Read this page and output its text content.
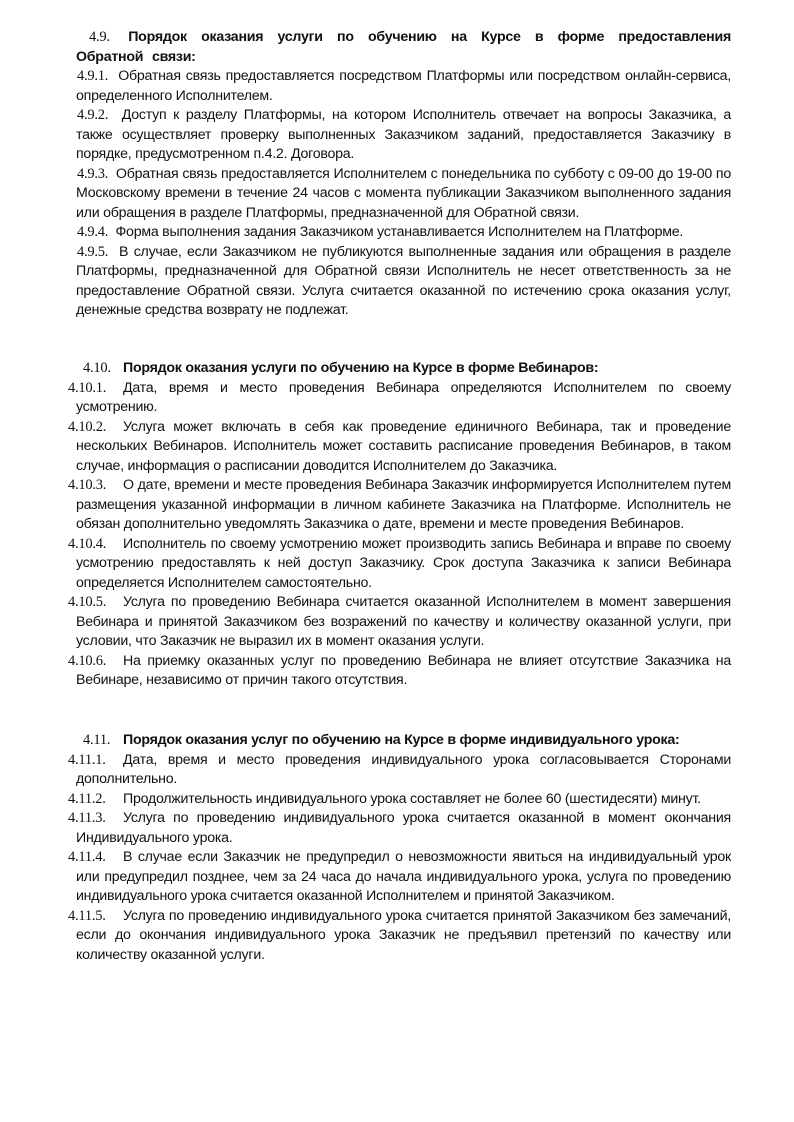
4.9. Порядок оказания услуги по обучению на Курсе в форме предоставления Обратной связи:

4.9.1. Обратная связь предоставляется посредством Платформы или посредством онлайн-сервиса, определенного Исполнителем.

4.9.2. Доступ к разделу Платформы, на котором Исполнитель отвечает на вопросы Заказчика, а также осуществляет проверку выполненных Заказчиком заданий, предоставляется Заказчику в порядке, предусмотренном п.4.2. Договора.

4.9.3. Обратная связь предоставляется Исполнителем с понедельника по субботу с 09-00 до 19-00 по Московскому времени в течение 24 часов с момента публикации Заказчиком выполненного задания или обращения в разделе Платформы, предназначенной для Обратной связи.

4.9.4. Форма выполнения задания Заказчиком устанавливается Исполнителем на Платформе.

4.9.5. В случае, если Заказчиком не публикуются выполненные задания или обращения в разделе Платформы, предназначенной для Обратной связи Исполнитель не несет ответственность за не предоставление Обратной связи. Услуга считается оказанной по истечению срока оказания услуг, денежные средства возврату не подлежат.

4.10. Порядок оказания услуги по обучению на Курсе в форме Вебинаров:

4.10.1. Дата, время и место проведения Вебинара определяются Исполнителем по своему усмотрению.

4.10.2. Услуга может включать в себя как проведение единичного Вебинара, так и проведение нескольких Вебинаров. Исполнитель может составить расписание проведения Вебинаров, в таком случае, информация о расписании доводится Исполнителем до Заказчика.

4.10.3. О дате, времени и месте проведения Вебинара Заказчик информируется Исполнителем путем размещения указанной информации в личном кабинете Заказчика на Платформе. Исполнитель не обязан дополнительно уведомлять Заказчика о дате, времени и месте проведения Вебинаров.

4.10.4. Исполнитель по своему усмотрению может производить запись Вебинара и вправе по своему усмотрению предоставлять к ней доступ Заказчику. Срок доступа Заказчика к записи Вебинара определяется Исполнителем самостоятельно.

4.10.5. Услуга по проведению Вебинара считается оказанной Исполнителем в момент завершения Вебинара и принятой Заказчиком без возражений по качеству и количеству оказанной услуги, при условии, что Заказчик не выразил их в момент оказания услуги.

4.10.6. На приемку оказанных услуг по проведению Вебинара не влияет отсутствие Заказчика на Вебинаре, независимо от причин такого отсутствия.

4.11. Порядок оказания услуг по обучению на Курсе в форме индивидуального урока:

4.11.1. Дата, время и место проведения индивидуального урока согласовывается Сторонами дополнительно.

4.11.2. Продолжительность индивидуального урока составляет не более 60 (шестидесяти) минут.

4.11.3. Услуга по проведению индивидуального урока считается оказанной в момент окончания Индивидуального урока.

4.11.4. В случае если Заказчик не предупредил о невозможности явиться на индивидуальный урок или предупредил позднее, чем за 24 часа до начала индивидуального урока, услуга по проведению индивидуального урока считается оказанной Исполнителем и принятой Заказчиком.

4.11.5. Услуга по проведению индивидуального урока считается принятой Заказчиком без замечаний, если до окончания индивидуального урока Заказчик не предъявил претензий по качеству или количеству оказанной услуги.
